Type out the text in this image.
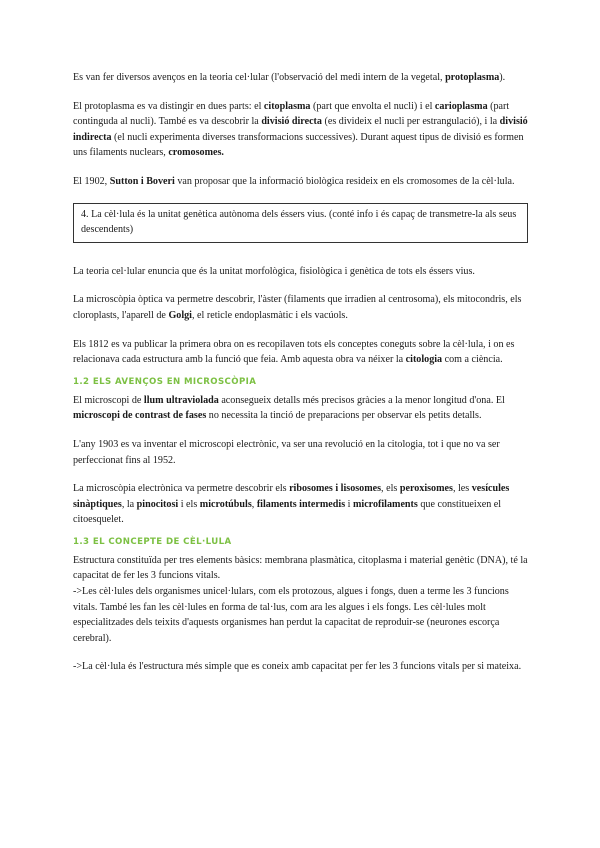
Es van fer diversos avenços en la teoria cel·lular (l'observació del medi intern de la vegetal, protoplasma).

El protoplasma es va distingir en dues parts: el citoplasma (part que envolta el nucli) i el carioplasma (part continguda al nucli). També es va descobrir la divisió directa (es divideix el nucli per estrangulació), i la divisió indirecta (el nucli experimenta diverses transformacions successives). Durant aquest tipus de divisió es formen uns filaments nuclears, cromosomes.

El 1902, Sutton i Boveri van proposar que la informació biològica resideix en els cromosomes de la cèl·lula.

4. La cèl·lula és la unitat genètica autònoma dels éssers vius. (conté info i és capaç de transmetre-la als seus descendents)

La teoria cel·lular enuncia que és la unitat morfològica, fisiològica i genètica de tots els éssers vius.

La microscòpia òptica va permetre descobrir, l'àster (filaments que irradien al centrosoma), els mitocondris, els cloroplasts, l'aparell de Golgi, el reticle endoplasmàtic i els vacúols.

Els 1812 es va publicar la primera obra on es recopilaven tots els conceptes coneguts sobre la cèl·lula, i on es relacionava cada estructura amb la funció que feia. Amb aquesta obra va néixer la citologia com a ciència.

1.2 ELS AVENÇOS EN MICROSCÒPIA

El microscopi de llum ultraviolada aconsegueix detalls més precisos gràcies a la menor longitud d'ona. El microscopi de contrast de fases no necessita la tinció de preparacions per observar els petits detalls.

L'any 1903 es va inventar el microscopi electrònic, va ser una revolució en la citologia, tot i que no va ser perfeccionat fins al 1952.

La microscòpia electrònica va permetre descobrir els ribosomes i lisosomes, els peroxisomes, les vesícules sinàptiques, la pinocitosi i els microtúbuls, filaments intermedis i microfilaments que constitueixen el citoesquelet.

1.3 EL CONCEPTE DE CÈL·LULA

Estructura constituïda per tres elements bàsics: membrana plasmàtica, citoplasma i material genètic (DNA), té la capacitat de fer les 3 funcions vitals.

->Les cèl·lules dels organismes unicel·lulars, com els protozous, algues i fongs, duen a terme les 3 funcions vitals. També les fan les cèl·lules en forma de tal·lus, com ara les algues i els fongs. Les cèl·lules molt especialitzades dels teixits d'aquests organismes han perdut la capacitat de reproduir-se (neurones escorça cerebral).

->La cèl·lula és l'estructura més simple que es coneix amb capacitat per fer les 3 funcions vitals per si mateixa.
